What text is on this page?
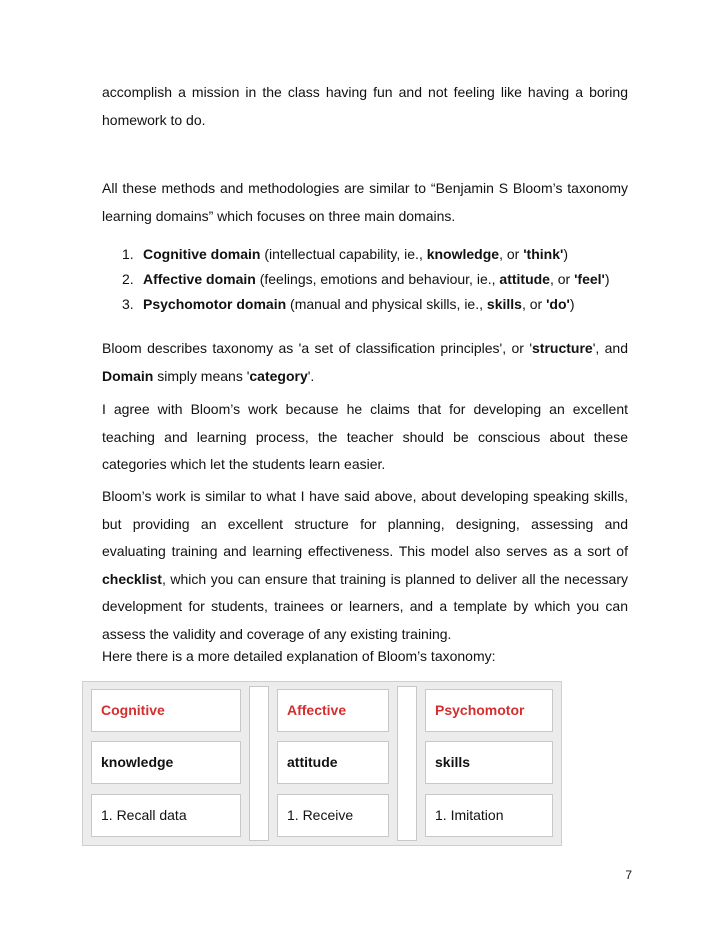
accomplish a mission in the class having fun and not feeling like having a boring homework to do.

All these methods and methodologies are similar to “Benjamin S Bloom’s taxonomy learning domains” which focuses on three main domains.

1. Cognitive domain (intellectual capability, ie., knowledge, or 'think')
2. Affective domain (feelings, emotions and behaviour, ie., attitude, or 'feel')
3. Psychomotor domain (manual and physical skills, ie., skills, or 'do')

Bloom describes taxonomy as 'a set of classification principles', or 'structure', and Domain simply means 'category'.

I agree with Bloom’s work because he claims that for developing an excellent teaching and learning process, the teacher should be conscious about these categories which let the students learn easier.

Bloom’s work is similar to what I have said above, about developing speaking skills, but providing an excellent structure for planning, designing, assessing and evaluating training and learning effectiveness. This model also serves as a sort of checklist, which you can ensure that training is planned to deliver all the necessary development for students, trainees or learners, and a template by which you can assess the validity and coverage of any existing training.

Here there is a more detailed explanation of Bloom’s taxonomy:

Cognitive	Affective	Psychomotor
knowledge	attitude	skills
1. Recall data	1. Receive	1. Imitation
7
